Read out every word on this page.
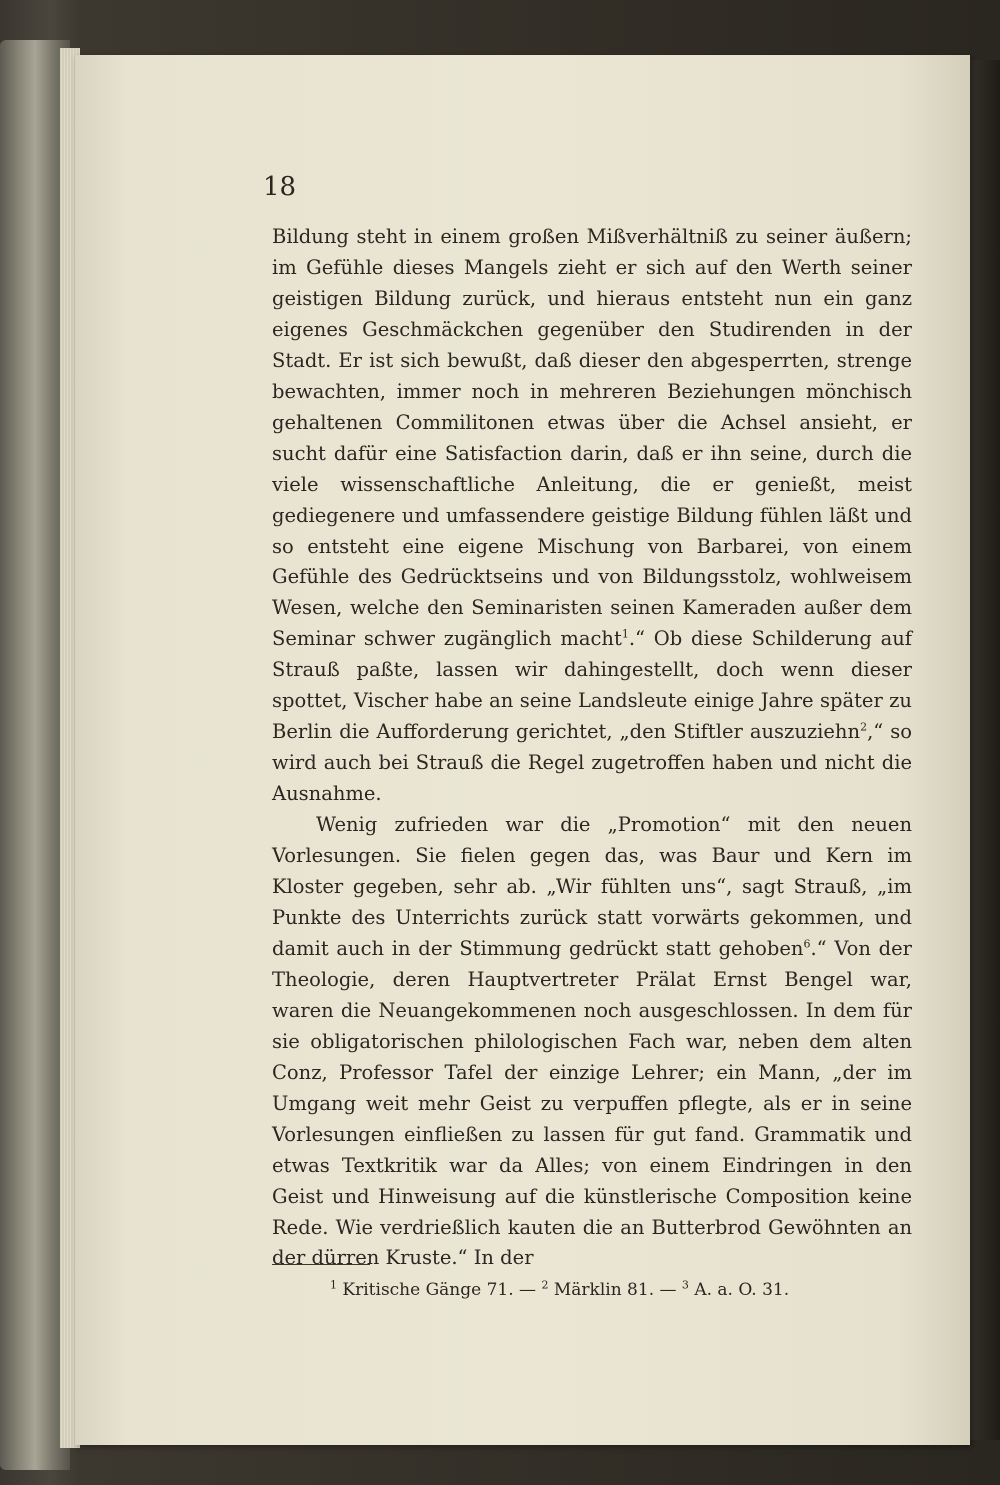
18

Bildung steht in einem großen Mißverhältniß zu seiner äußern; im Gefühle dieses Mangels zieht er sich auf den Werth seiner geistigen Bildung zurück, und hieraus entsteht nun ein ganz eigenes Geschmäckchen gegenüber den Studirenden in der Stadt. Er ist sich bewußt, daß dieser den abgesperrten, strenge bewachten, immer noch in mehreren Beziehungen mönchisch gehaltenen Commilitonen etwas über die Achsel ansieht, er sucht dafür eine Satisfaction darin, daß er ihn seine, durch die viele wissenschaftliche Anleitung, die er genießt, meist gediegenere und umfassendere geistige Bildung fühlen läßt und so entsteht eine eigene Mischung von Barbarei, von einem Gefühle des Gedrücktseins und von Bildungsstolz, wohlweisem Wesen, welche den Seminaristen seinen Kameraden außer dem Seminar schwer zugänglich macht$^1$.“ Ob diese Schilderung auf Strauß paßte, lassen wir dahingestellt, doch wenn dieser spottet, Vischer habe an seine Landsleute einige Jahre später zu Berlin die Aufforderung gerichtet, „den Stiftler auszuziehn$^2$,“ so wird auch bei Strauß die Regel zugetroffen haben und nicht die Ausnahme.

Wenig zufrieden war die „Promotion“ mit den neuen Vorlesungen. Sie fielen gegen das, was Baur und Kern im Kloster gegeben, sehr ab. „Wir fühlten uns“, sagt Strauß, „im Punkte des Unterrichts zurück statt vorwärts gekommen, und damit auch in der Stimmung gedrückt statt gehoben$^6$.“ Von der Theologie, deren Hauptvertreter Prälat Ernst Bengel war, waren die Neuangekommenen noch ausgeschlossen. In dem für sie obligatorischen philologischen Fach war, neben dem alten Conz, Professor Tafel der einzige Lehrer; ein Mann, „der im Umgang weit mehr Geist zu verpuffen pflegte, als er in seine Vorlesungen einfließen zu lassen für gut fand. Grammatik und etwas Textkritik war da Alles; von einem Eindringen in den Geist und Hinweisung auf die künstlerische Composition keine Rede. Wie verdrießlich kauten die an Butterbrod Gewöhnten an der dürren Kruste.“ In der

$^1$ Kritische Gänge 71. — $^2$ Märklin 81. — $^3$ A. a. O. 31.
